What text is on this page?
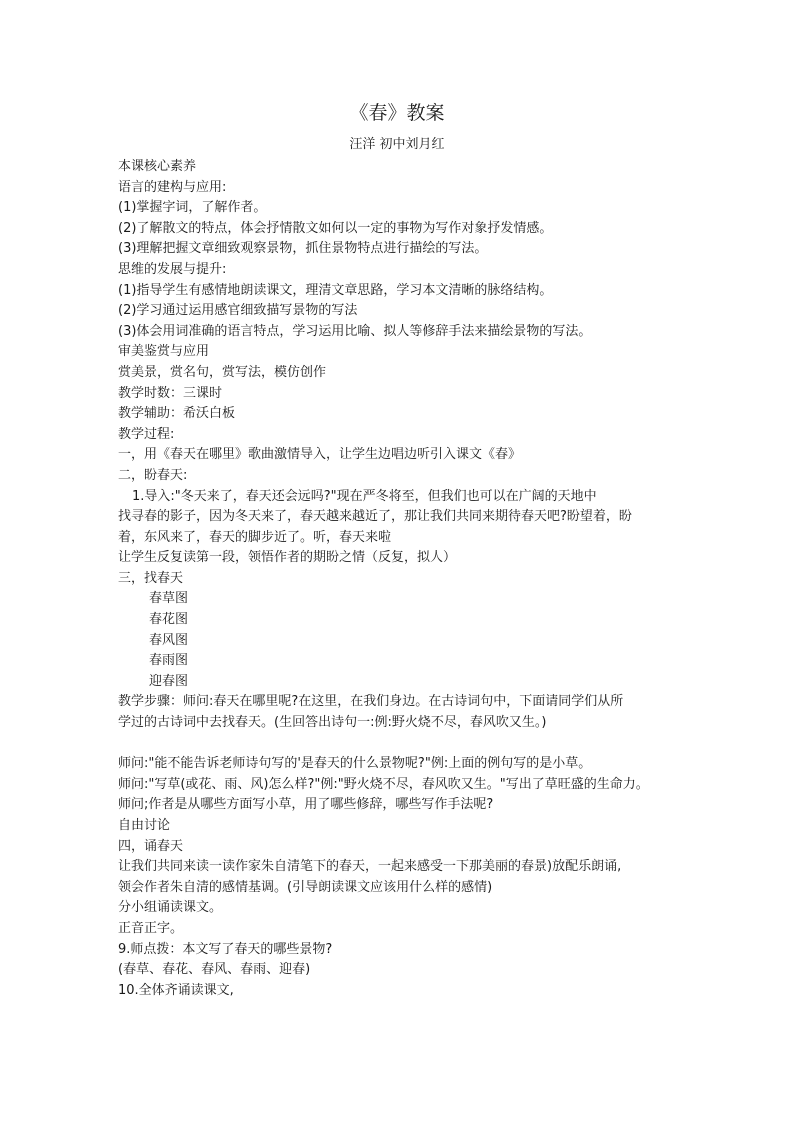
《春》教案
汪洋 初中刘月红
本课核心素养
语言的建构与应用:
(1)掌握字词，了解作者。
(2)了解散文的特点，体会抒情散文如何以一定的事物为写作对象抒发情感。
(3)理解把握文章细致观察景物，抓住景物特点进行描绘的写法。
思维的发展与提升:
(1)指导学生有感情地朗读课文，理清文章思路，学习本文清晰的脉络结构。
(2)学习通过运用感官细致描写景物的写法
(3)体会用词准确的语言特点，学习运用比喻、拟人等修辞手法来描绘景物的写法。
审美鉴赏与应用
赏美景，赏名句，赏写法，模仿创作
教学时数：三课时
教学辅助：希沃白板
教学过程:
一，用《春天在哪里》歌曲激情导入，让学生边唱边听引入课文《春》
二，盼春天:
1.导入:"冬天来了，春天还会远吗?"现在严冬将至，但我们也可以在广阔的天地中
找寻春的影子，因为冬天来了，春天越来越近了，那让我们共同来期待春天吧?盼望着，盼
着，东风来了，春天的脚步近了。听，春天来啦
让学生反复读第一段，领悟作者的期盼之情（反复，拟人）
三，找春天
春草图
春花图
春风图
春雨图
迎春图
教学步骤：师问:春天在哪里呢?在这里，在我们身边。在古诗词句中，下面请同学们从所
学过的古诗词中去找春天。(生回答出诗句一:例:野火烧不尽，春风吹又生。)
师问:"能不能告诉老师诗句写的'是春天的什么景物呢?"例:上面的例句写的是小草。
师问:"写草(或花、雨、风)怎么样?"例:"野火烧不尽，春风吹又生。"写出了草旺盛的生命力。
师问;作者是从哪些方面写小草，用了哪些修辞，哪些写作手法呢?
自由讨论
四，诵春天
让我们共同来读一读作家朱自清笔下的春天，一起来感受一下那美丽的春景)放配乐朗诵,
领会作者朱自清的感情基调。(引导朗读课文应该用什么样的感情)
分小组诵读课文。
正音正字。
9.师点拨：本文写了春天的哪些景物?
(春草、春花、春风、春雨、迎春)
10.全体齐诵读课文,
